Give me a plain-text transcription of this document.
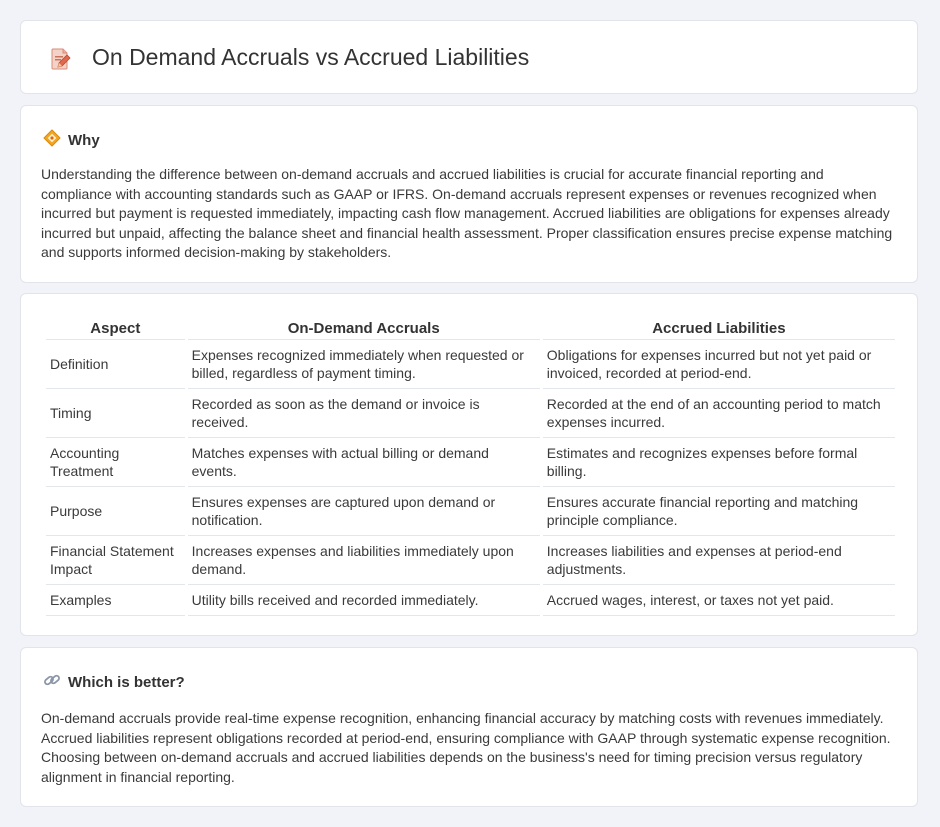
On Demand Accruals vs Accrued Liabilities
Why

Understanding the difference between on-demand accruals and accrued liabilities is crucial for accurate financial reporting and compliance with accounting standards such as GAAP or IFRS. On-demand accruals represent expenses or revenues recognized when incurred but payment is requested immediately, impacting cash flow management. Accrued liabilities are obligations for expenses already incurred but unpaid, affecting the balance sheet and financial health assessment. Proper classification ensures precise expense matching and supports informed decision-making by stakeholders.

Aspect	On-Demand Accruals	Accrued Liabilities
Definition	Expenses recognized immediately when requested or billed, regardless of payment timing.	Obligations for expenses incurred but not yet paid or invoiced, recorded at period-end.
Timing	Recorded as soon as the demand or invoice is received.	Recorded at the end of an accounting period to match expenses incurred.
Accounting Treatment	Matches expenses with actual billing or demand events.	Estimates and recognizes expenses before formal billing.
Purpose	Ensures expenses are captured upon demand or notification.	Ensures accurate financial reporting and matching principle compliance.
Financial Statement Impact	Increases expenses and liabilities immediately upon demand.	Increases liabilities and expenses at period-end adjustments.
Examples	Utility bills received and recorded immediately.	Accrued wages, interest, or taxes not yet paid.
Which is better?

On-demand accruals provide real-time expense recognition, enhancing financial accuracy by matching costs with revenues immediately. Accrued liabilities represent obligations recorded at period-end, ensuring compliance with GAAP through systematic expense recognition. Choosing between on-demand accruals and accrued liabilities depends on the business's need for timing precision versus regulatory alignment in financial reporting.
